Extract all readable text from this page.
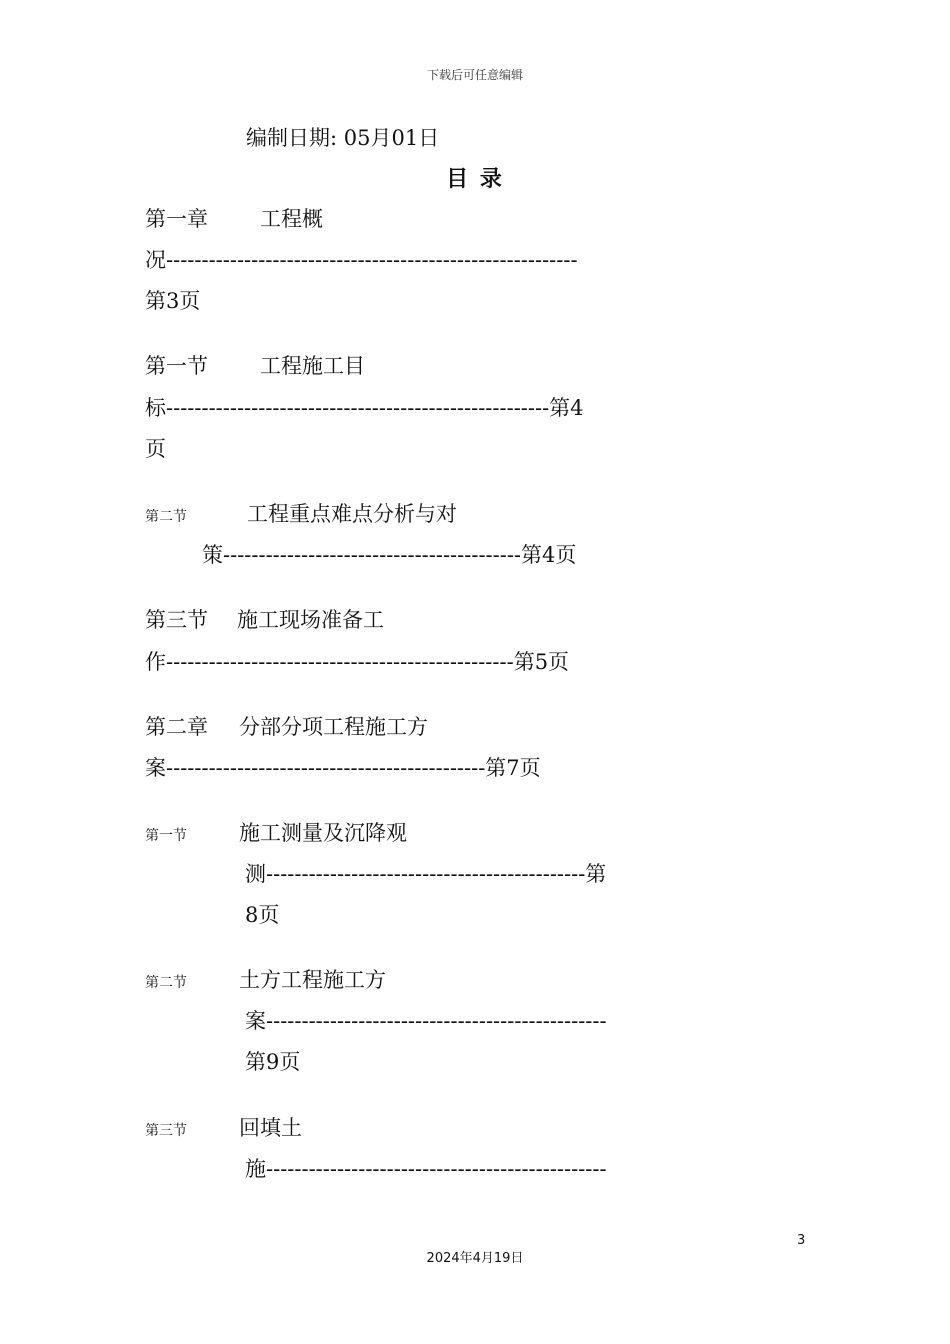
下载后可任意编辑
编制日期: 05月01日
目 录
第一章 工程概
况----------------------------------------------------------
第3页
第一节 工程施工目
标------------------------------------------------------第4
页
第二节	工程重点难点分析与对
策------------------------------------------第4页
第三节 施工现场准备工
作-------------------------------------------------第5页
第二章 分部分项工程施工方
案---------------------------------------------第7页
第一节 施工测量及沉降观
测---------------------------------------------第
8页
第二节 土方工程施工方
案------------------------------------------------
第9页
第三节 回填土
施------------------------------------------------
3
2024年4月19日
